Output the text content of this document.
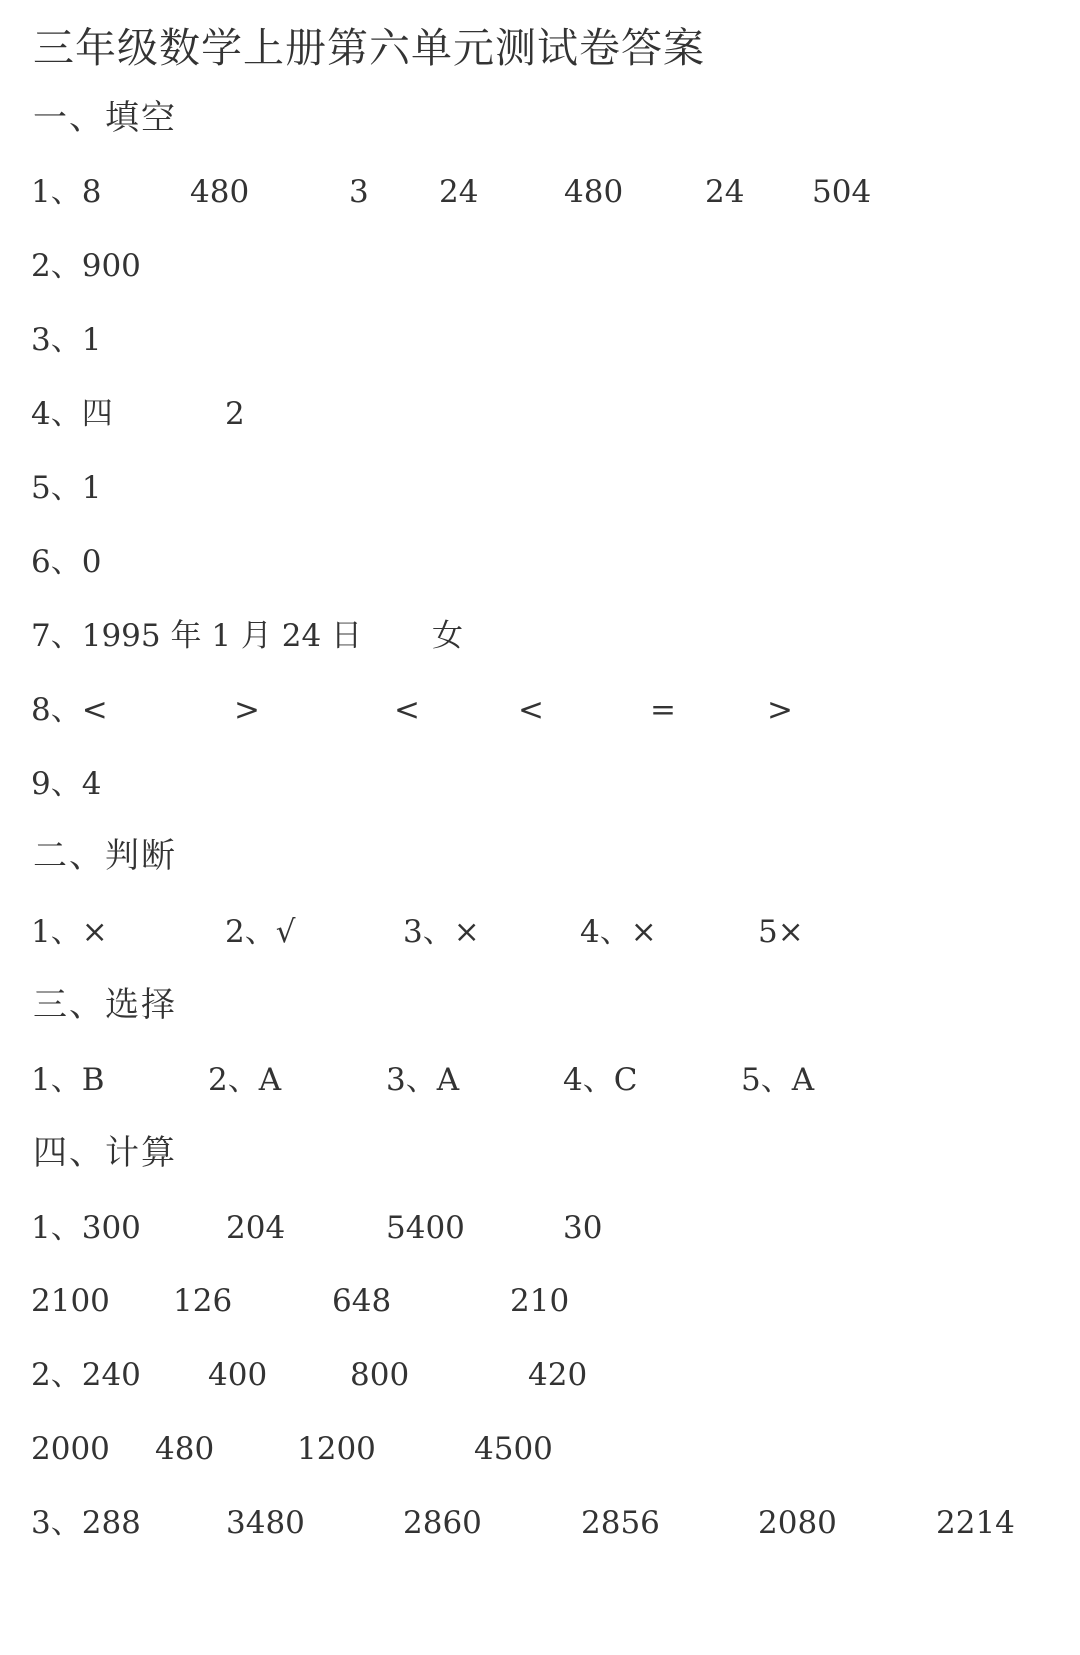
三年级数学上册第六单元测试卷答案
一、填空
1、8	480	3 24	480	24 504
2、900
3、1
4、四	2
5、1
6、0
7、1995 年 1 月 24 日 女
8、<	>	<	<	=	>
9、4
二、判断
1、×	2、√	3、×	4、×	5×
三、选择
1、B	2、A	3、A	4、C	5、A
四、计算
1、300	204	5400	30
2100 126	648	210
2、240 400	800	420
2000 480	1200	4500
3、288	3480	2860	2856	2080	2214
